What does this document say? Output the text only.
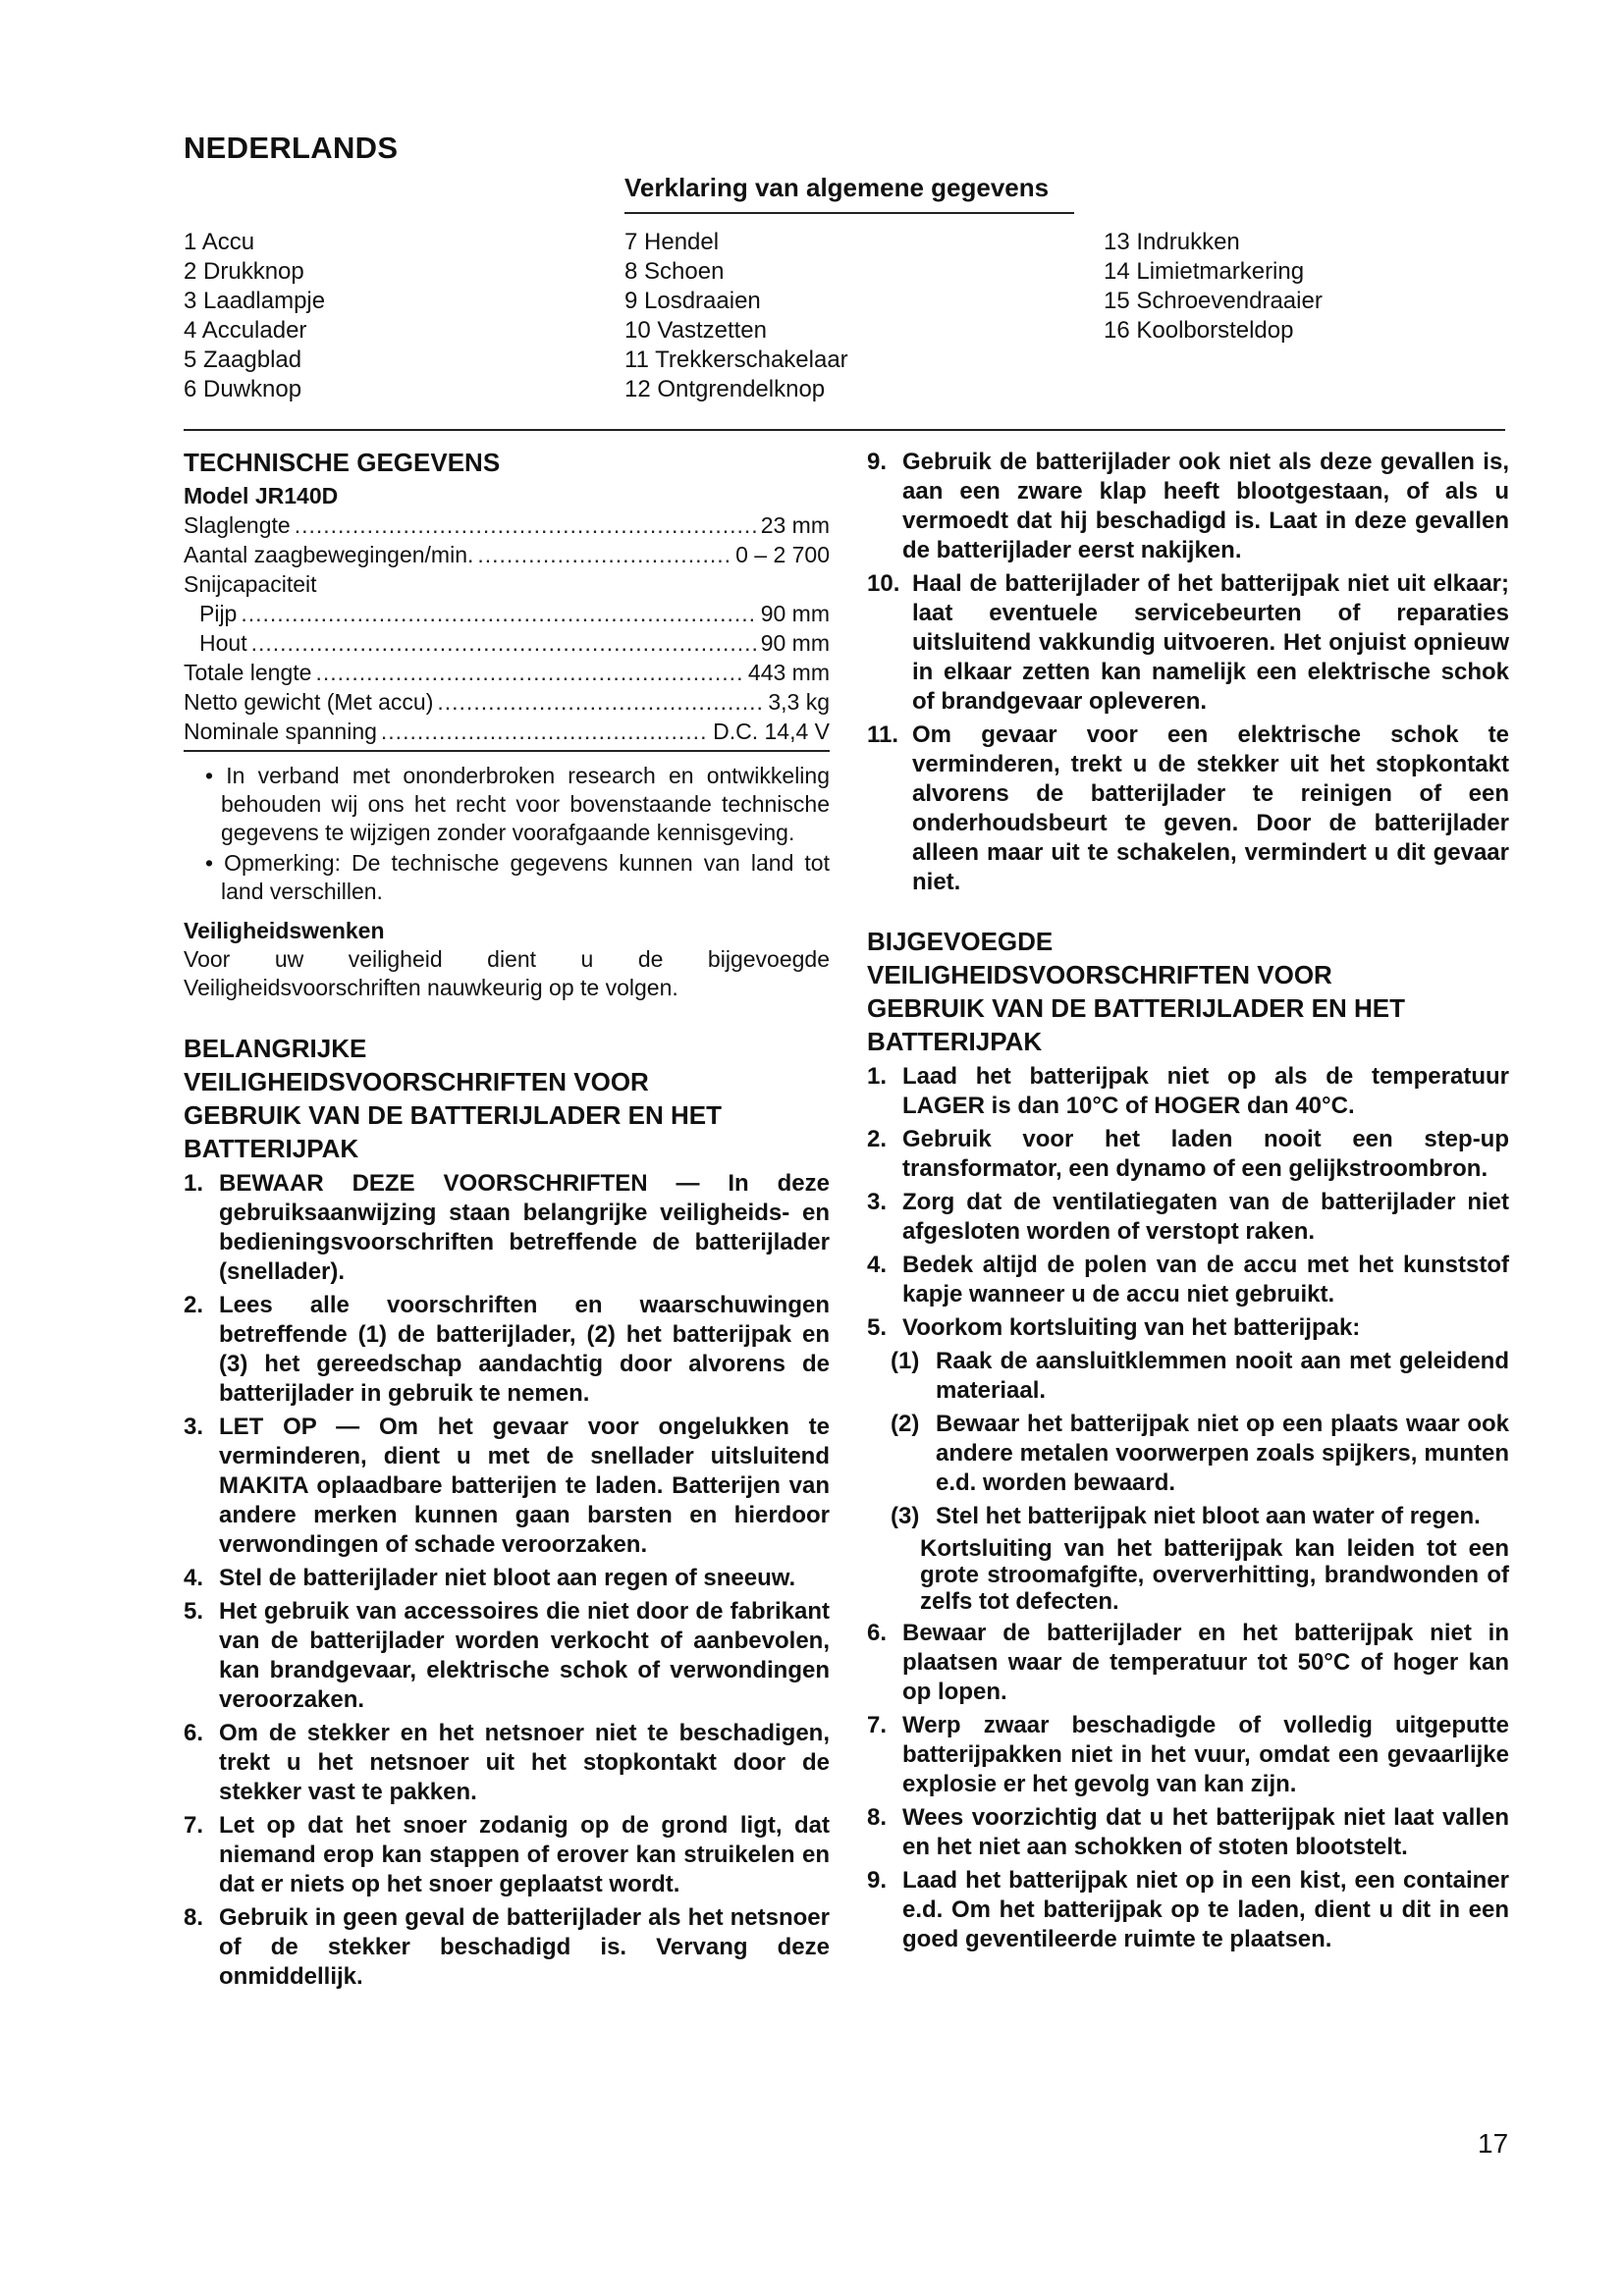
NEDERLANDS
Verklaring van algemene gegevens
1 Accu
2 Drukknop
3 Laadlampje
4 Acculader
5 Zaagblad
6 Duwknop
7 Hendel
8 Schoen
9 Losdraaien
10 Vastzetten
11 Trekkerschakelaar
12 Ontgrendelknop
13 Indrukken
14 Limietmarkering
15 Schroevendraaier
16 Koolborsteldop

TECHNISCHE GEGEVENS

Model JR140D

Slaglengte .....	23 mm
Aantal zaagbewegingen/min. .....	0 – 2 700
Snijcapaciteit
Pijp .....	90 mm
Hout .....	90 mm
Totale lengte .....	443 mm
Netto gewicht (Met accu) .....	3,3 kg
Nominale spanning .....	D.C. 14,4 V

• In verband met ononderbroken research en ontwikkeling behouden wij ons het recht voor bovenstaande technische gegevens te wijzigen zonder voorafgaande kennisgeving.

• Opmerking: De technische gegevens kunnen van land tot land verschillen.

Veiligheidswenken

Voor uw veiligheid dient u de bijgevoegde Veiligheidsvoorschriften nauwkeurig op te volgen.

BELANGRIJKE

VEILIGHEIDSVOORSCHRIFTEN VOOR

GEBRUIK VAN DE BATTERIJLADER EN HET

BATTERIJPAK

1. BEWAAR DEZE VOORSCHRIFTEN — In deze gebruiksaanwijzing staan belangrijke veiligheids- en bedieningsvoorschriften betreffende de batterijlader (snellader).
2. Lees alle voorschriften en waarschuwingen betreffende (1) de batterijlader, (2) het batterijpak en (3) het gereedschap aandachtig door alvorens de batterijlader in gebruik te nemen.
3. LET OP — Om het gevaar voor ongelukken te verminderen, dient u met de snellader uitsluitend MAKITA oplaadbare batterijen te laden. Batterijen van andere merken kunnen gaan barsten en hierdoor verwondingen of schade veroorzaken.
4. Stel de batterijlader niet bloot aan regen of sneeuw.
5. Het gebruik van accessoires die niet door de fabrikant van de batterijlader worden verkocht of aanbevolen, kan brandgevaar, elektrische schok of verwondingen veroorzaken.
6. Om de stekker en het netsnoer niet te beschadigen, trekt u het netsnoer uit het stopkontakt door de stekker vast te pakken.
7. Let op dat het snoer zodanig op de grond ligt, dat niemand erop kan stappen of erover kan struikelen en dat er niets op het snoer geplaatst wordt.
8. Gebruik in geen geval de batterijlader als het netsnoer of de stekker beschadigd is. Vervang deze onmiddellijk.
9. Gebruik de batterijlader ook niet als deze gevallen is, aan een zware klap heeft blootgestaan, of als u vermoedt dat hij beschadigd is. Laat in deze gevallen de batterijlader eerst nakijken.
10. Haal de batterijlader of het batterijpak niet uit elkaar; laat eventuele servicebeurten of reparaties uitsluitend vakkundig uitvoeren. Het onjuist opnieuw in elkaar zetten kan namelijk een elektrische schok of brandgevaar opleveren.
11. Om gevaar voor een elektrische schok te verminderen, trekt u de stekker uit het stopkontakt alvorens de batterijlader te reinigen of een onderhoudsbeurt te geven. Door de batterijlader alleen maar uit te schakelen, vermindert u dit gevaar niet.

BIJGEVOEGDE

VEILIGHEIDSVOORSCHRIFTEN VOOR

GEBRUIK VAN DE BATTERIJLADER EN HET

BATTERIJPAK

1. Laad het batterijpak niet op als de temperatuur LAGER is dan 10°C of HOGER dan 40°C.
2. Gebruik voor het laden nooit een step-up transformator, een dynamo of een gelijkstroombron.
3. Zorg dat de ventilatiegaten van de batterijlader niet afgesloten worden of verstopt raken.
4. Bedek altijd de polen van de accu met het kunststof kapje wanneer u de accu niet gebruikt.
5. Voorkom kortsluiting van het batterijpak:
(1) Raak de aansluitklemmen nooit aan met geleidend materiaal.
(2) Bewaar het batterijpak niet op een plaats waar ook andere metalen voorwerpen zoals spijkers, munten e.d. worden bewaard.
(3) Stel het batterijpak niet bloot aan water of regen.

Kortsluiting van het batterijpak kan leiden tot een grote stroomafgifte, oververhitting, brandwonden of zelfs tot defecten.

6. Bewaar de batterijlader en het batterijpak niet in plaatsen waar de temperatuur tot 50°C of hoger kan op lopen.
7. Werp zwaar beschadigde of volledig uitgeputte batterijpakken niet in het vuur, omdat een gevaarlijke explosie er het gevolg van kan zijn.
8. Wees voorzichtig dat u het batterijpak niet laat vallen en het niet aan schokken of stoten blootstelt.
9. Laad het batterijpak niet op in een kist, een container e.d. Om het batterijpak op te laden, dient u dit in een goed geventileerde ruimte te plaatsen.
17
